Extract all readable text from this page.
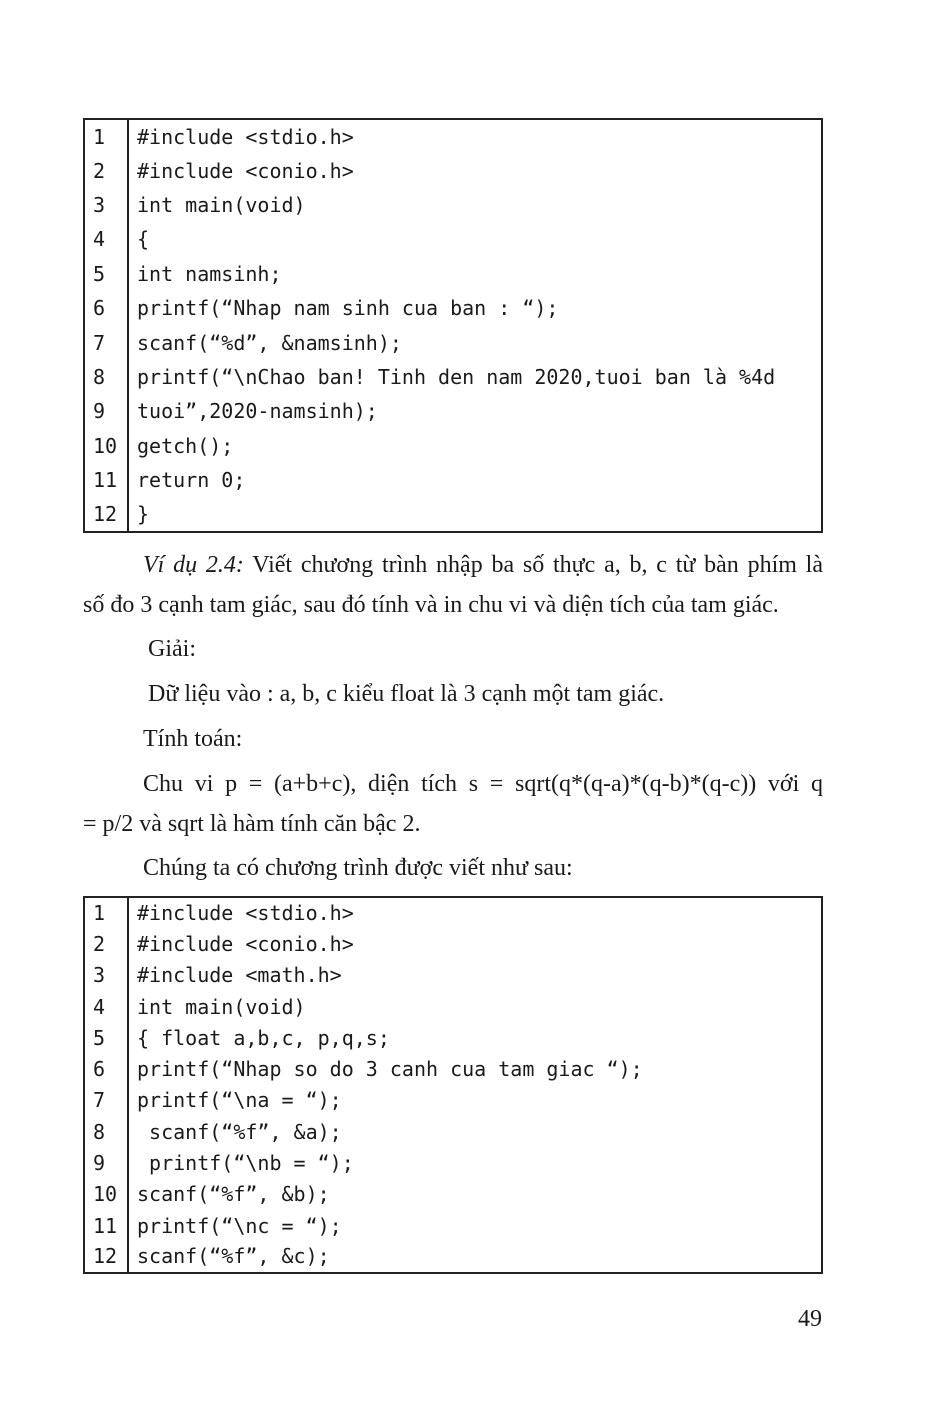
1	#include <stdio.h>
2	#include <conio.h>
3	int main(void)
4	{
5	int namsinh;
6	printf(“Nhap nam sinh cua ban : “);
7	scanf(“%d”, &namsinh);
8	printf(“\nChao ban! Tinh den nam 2020,tuoi ban là %4d
9	tuoi”,2020-namsinh);
10	getch();
11	return 0;
12	}

Ví dụ 2.4: Viết chương trình nhập ba số thực a, b, c từ bàn phím là

số đo 3 cạnh tam giác, sau đó tính và in chu vi và diện tích của tam giác.

Giải:

Dữ liệu vào : a, b, c kiểu float là 3 cạnh một tam giác.

Tính toán:

Chu vi p = (a+b+c), diện tích s = sqrt(q*(q-a)*(q-b)*(q-c)) với q

= p/2 và sqrt là hàm tính căn bậc 2.

Chúng ta có chương trình được viết như sau:

1	#include <stdio.h>
2	#include <conio.h>
3	#include <math.h>
4	int main(void)
5	{ float a,b,c, p,q,s;
6	printf(“Nhap so do 3 canh cua tam giac “);
7	printf(“\na = “);
8	scanf(“%f”, &a);
9	printf(“\nb = “);
10	scanf(“%f”, &b);
11	printf(“\nc = “);
12	scanf(“%f”, &c);
49
